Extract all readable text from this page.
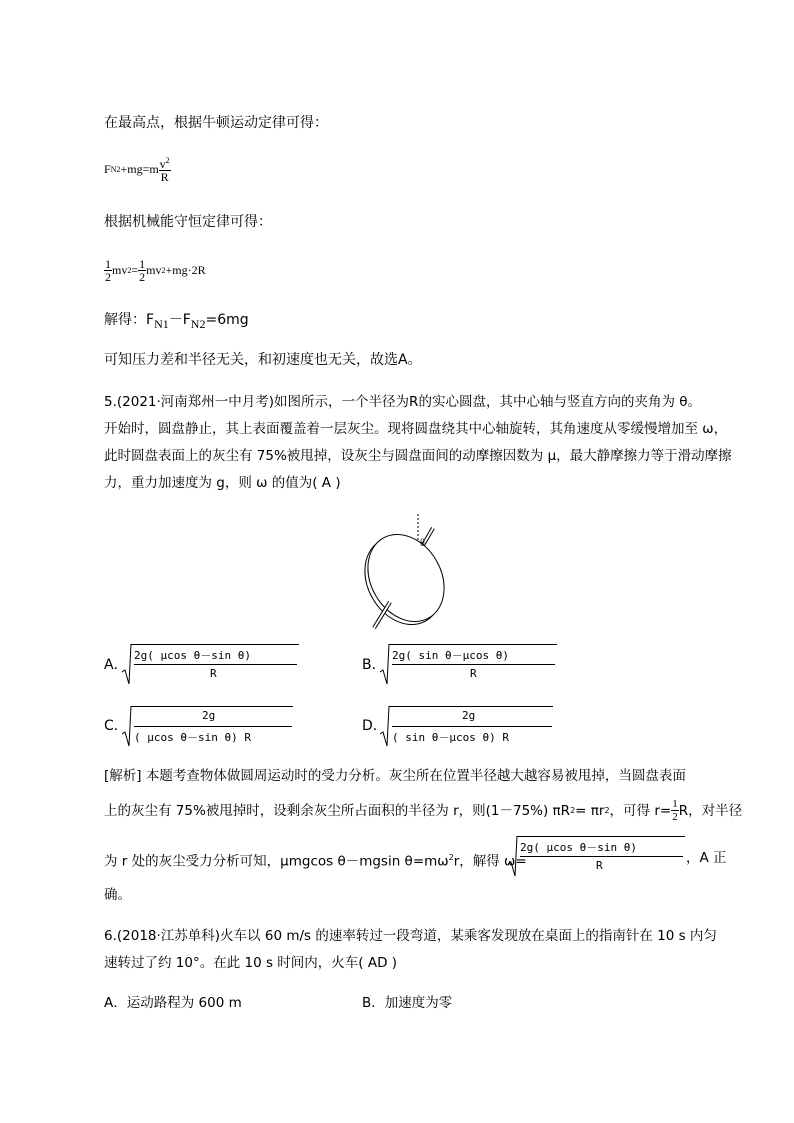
在最高点，根据牛顿运动定律可得：
F $N2 +mg=m \frac{v^2}{R}$
根据机械能守恒定律可得：
$\frac{1}{2}$ mv $2 = \frac{1}{2}$ mv 2 +mg·2R
解得：$F_{N1}-F_{N2}=6mg$
可知压力差和半径无关，和初速度也无关，故选A。
5.(2021·河南郑州一中月考)如图所示，一个半径为R的实心圆盘，其中心轴与竖直方向的夹角为 θ。
开始时，圆盘静止，其上表面覆盖着一层灰尘。现将圆盘绕其中心轴旋转，其角速度从零缓慢增加至 ω，
此时圆盘表面上的灰尘有 75%被甩掉，设灰尘与圆盘面间的动摩擦因数为 μ，最大静摩擦力等于滑动摩擦
力，重力加速度为 g，则 ω 的值为( A )
θ
A．
2g( μcos θ－sin θ)
R
B．
2g( sin θ－μcos θ)
R
C．
2g
( μcos θ－sin θ) R
D．
2g
( sin θ－μcos θ) R
[解析] 本题考查物体做圆周运动时的受力分析。灰尘所在位置半径越大越容易被甩掉，当圆盘表面
上的灰尘有 75%被甩掉时，设剩余灰尘所占面积的半径为 r，则(1－75%) πR 2 = πr 2 ，可得 $r= \frac{1}{2}$ R，对半径
为 r 处的灰尘受力分析可知，μmgcos θ－mgsin $\theta=m\omega^2r$，解得 ω=
2g( μcos θ－sin θ)
R	，A 正
确。
6.(2018·江苏单科)火车以 60 m/s 的速率转过一段弯道，某乘客发现放在桌面上的指南针在 10 s 内匀
速转过了约 10°。在此 10 s 时间内，火车( AD )
A．运动路程为 600 m	B．加速度为零
